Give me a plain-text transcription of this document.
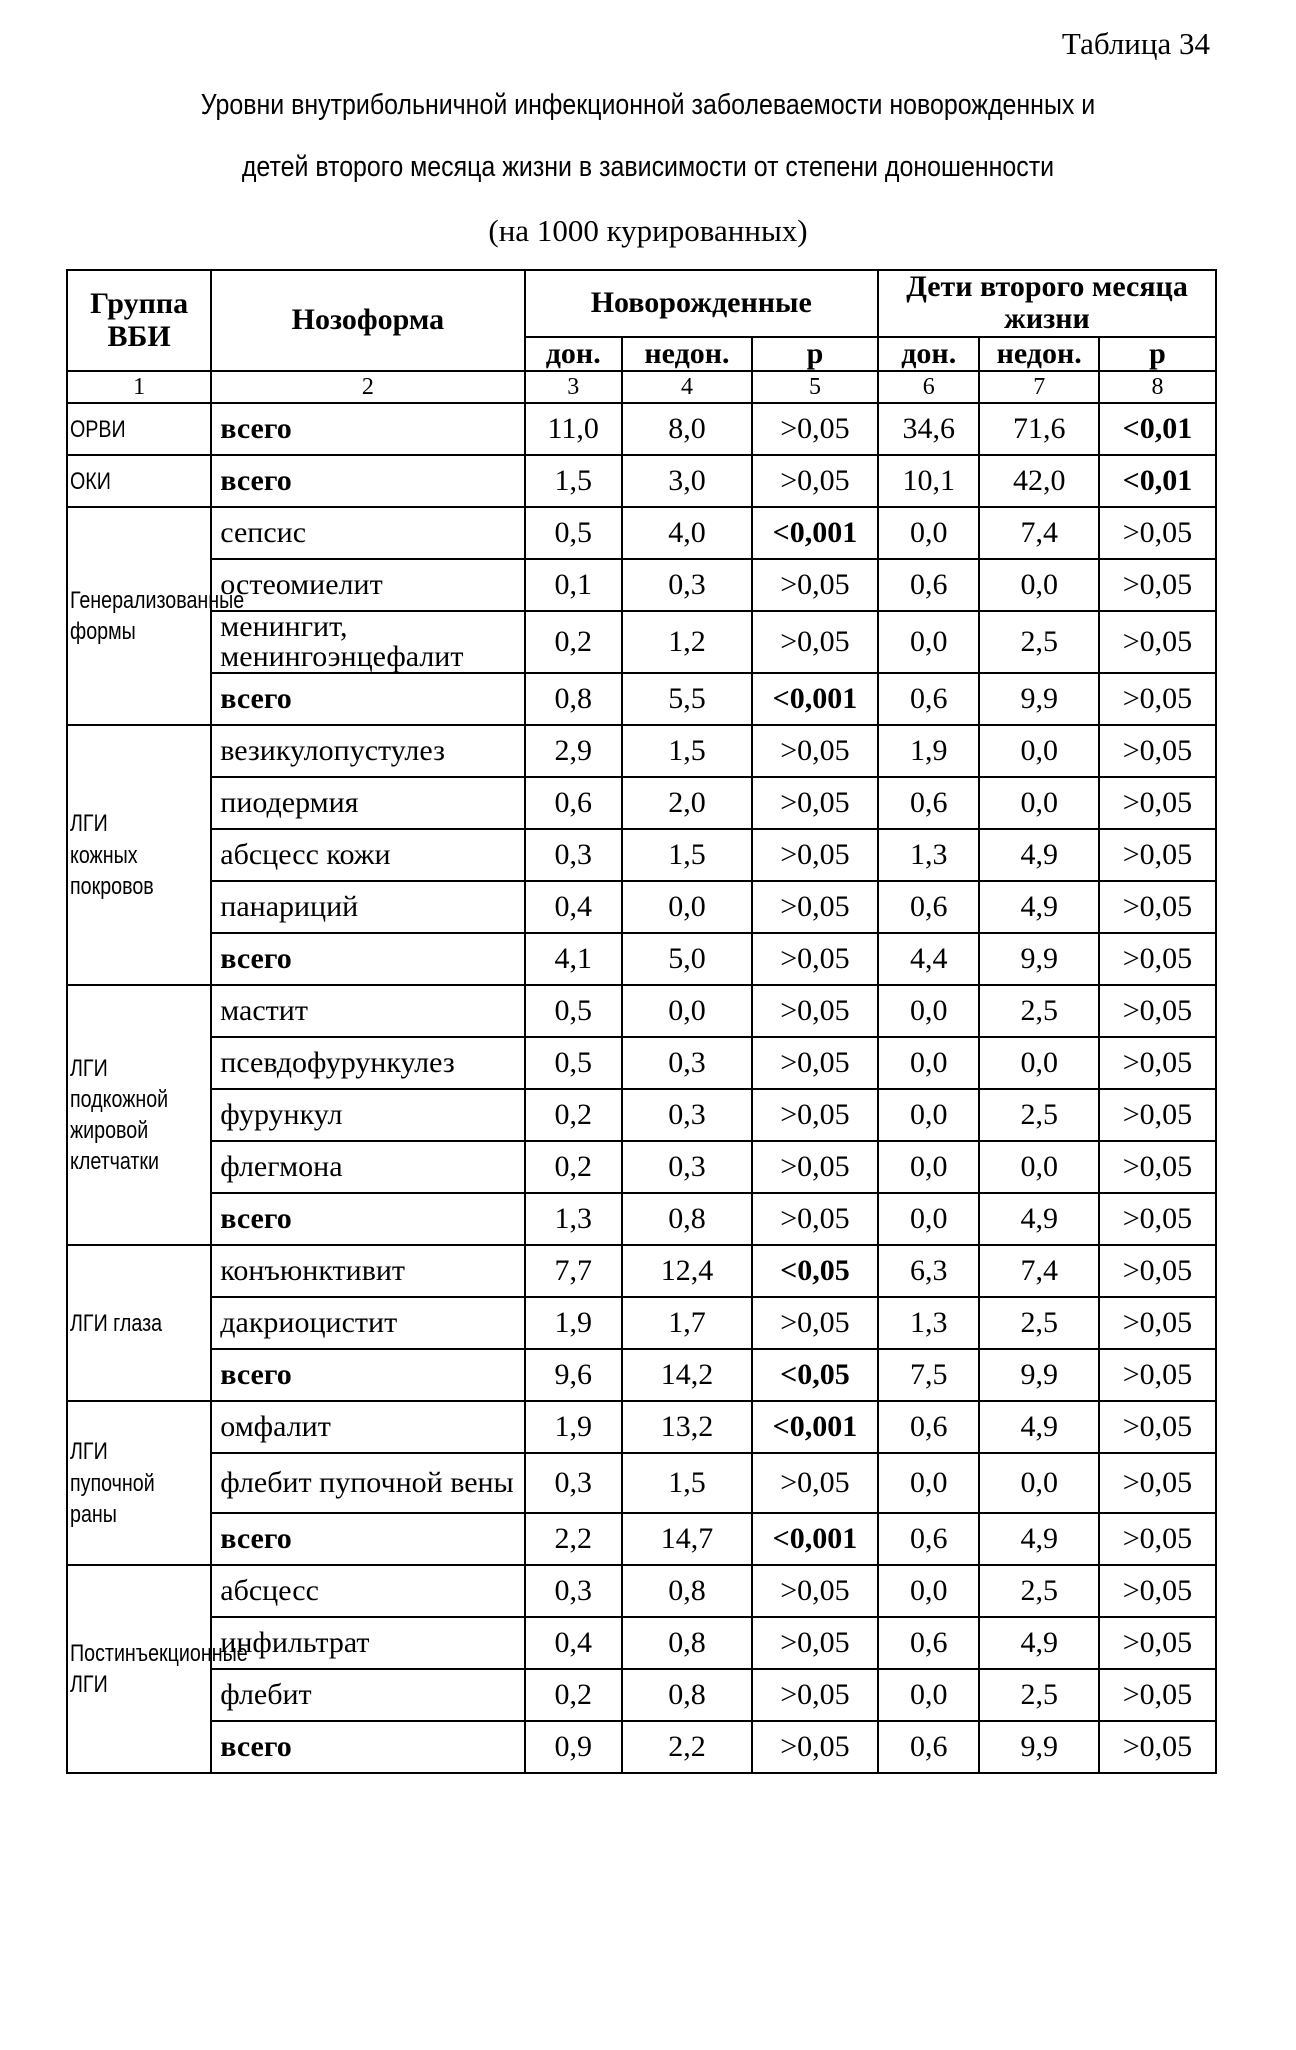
Таблица 34
Уровни внутрибольничной инфекционной заболеваемости новорожденных и
детей второго месяца жизни в зависимости от степени доношенности
(на 1000 курированных)
Группа ВБИ	Нозоформа	Новорожденные			Дети второго месяца жизни		
		дон.	недон.	p	дон.	недон.	p
1	2	3	4	5	6	7	8
ОРВИ	всего	11,0	8,0	>0,05	34,6	71,6	<0,01
ОКИ	всего	1,5	3,0	>0,05	10,1	42,0	<0,01
Генерализованные формы	сепсис	0,5	4,0	<0,001	0,0	7,4	>0,05
	остеомиелит	0,1	0,3	>0,05	0,6	0,0	>0,05
	менингит, менингоэнцефалит	0,2	1,2	>0,05	0,0	2,5	>0,05
	всего	0,8	5,5	<0,001	0,6	9,9	>0,05
ЛГИ кожных покровов	везикулопустулез	2,9	1,5	>0,05	1,9	0,0	>0,05
	пиодермия	0,6	2,0	>0,05	0,6	0,0	>0,05
	абсцесс кожи	0,3	1,5	>0,05	1,3	4,9	>0,05
	панариций	0,4	0,0	>0,05	0,6	4,9	>0,05
	всего	4,1	5,0	>0,05	4,4	9,9	>0,05
ЛГИ подкожной жировой клетчатки	мастит	0,5	0,0	>0,05	0,0	2,5	>0,05
	псевдофурункулез	0,5	0,3	>0,05	0,0	0,0	>0,05
	фурункул	0,2	0,3	>0,05	0,0	2,5	>0,05
	флегмона	0,2	0,3	>0,05	0,0	0,0	>0,05
	всего	1,3	0,8	>0,05	0,0	4,9	>0,05
ЛГИ глаза	конъюнктивит	7,7	12,4	<0,05	6,3	7,4	>0,05
	дакриоцистит	1,9	1,7	>0,05	1,3	2,5	>0,05
	всего	9,6	14,2	<0,05	7,5	9,9	>0,05
ЛГИ пупочной раны	омфалит	1,9	13,2	<0,001	0,6	4,9	>0,05
	флебит пупочной вены	0,3	1,5	>0,05	0,0	0,0	>0,05
	всего	2,2	14,7	<0,001	0,6	4,9	>0,05
Постинъекционные ЛГИ	абсцесс	0,3	0,8	>0,05	0,0	2,5	>0,05
	инфильтрат	0,4	0,8	>0,05	0,6	4,9	>0,05
	флебит	0,2	0,8	>0,05	0,0	2,5	>0,05
	всего	0,9	2,2	>0,05	0,6	9,9	>0,05
